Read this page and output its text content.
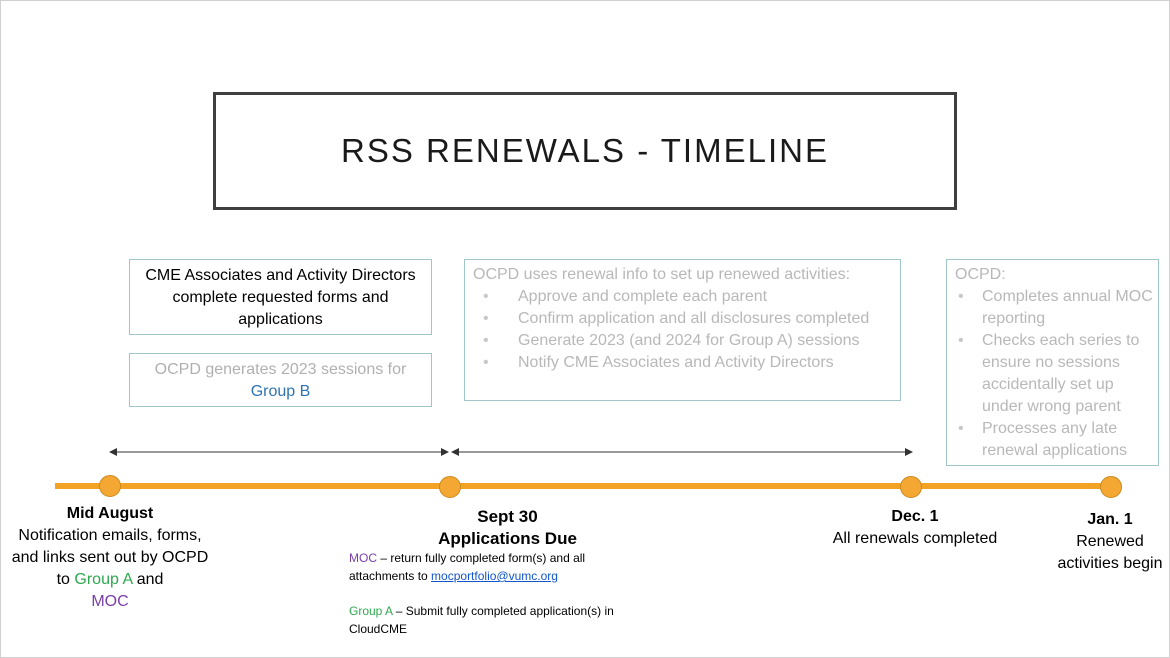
RSS RENEWALS - TIMELINE
CME Associates and Activity Directors complete requested forms and applications
OCPD generates 2023 sessions for
Group B
OCPD uses renewal info to set up renewed activities:
• Approve and complete each parent
• Confirm application and all disclosures completed
• Generate 2023 (and 2024 for Group A) sessions
• Notify CME Associates and Activity Directors
OCPD:
• Completes annual MOC reporting
• Checks each series to ensure no sessions accidentally set up under wrong parent
• Processes any late renewal applications
Mid August
Notification emails, forms, and links sent out by OCPD to Group A and
MOC
Sept 30
Applications Due
MOC – return fully completed form(s) and all attachments to mocportfolio@vumc.org
Group A – Submit fully completed application(s) in CloudCME
Dec. 1
All renewals completed
Jan. 1
Renewed activities begin
